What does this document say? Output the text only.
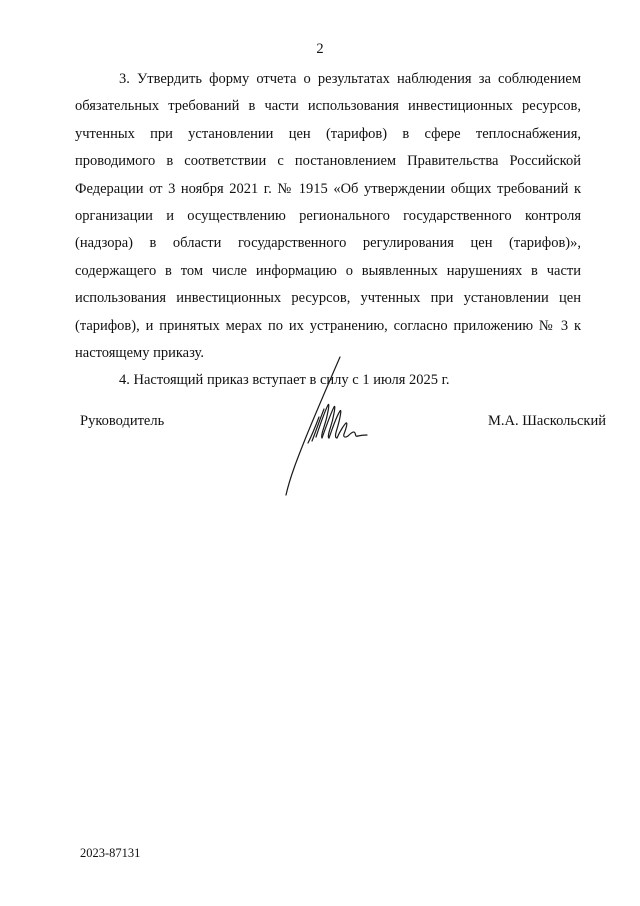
2

3. Утвердить форму отчета о результатах наблюдения за соблюдением обязательных требований в части использования инвестиционных ресурсов, учтенных при установлении цен (тарифов) в сфере теплоснабжения, проводимого в соответствии с постановлением Правительства Российской Федерации от 3 ноября 2021 г. № 1915 «Об утверждении общих требований к организации и осуществлению регионального государственного контроля (надзора) в области государственного регулирования цен (тарифов)», содержащего в том числе информацию о выявленных нарушениях в части использования инвестиционных ресурсов, учтенных при установлении цен (тарифов), и принятых мерах по их устранению, согласно приложению № 3 к настоящему приказу.

4. Настоящий приказ вступает в силу с 1 июля 2025 г.

Руководитель	М.А. Шаскольский
2023-87131
